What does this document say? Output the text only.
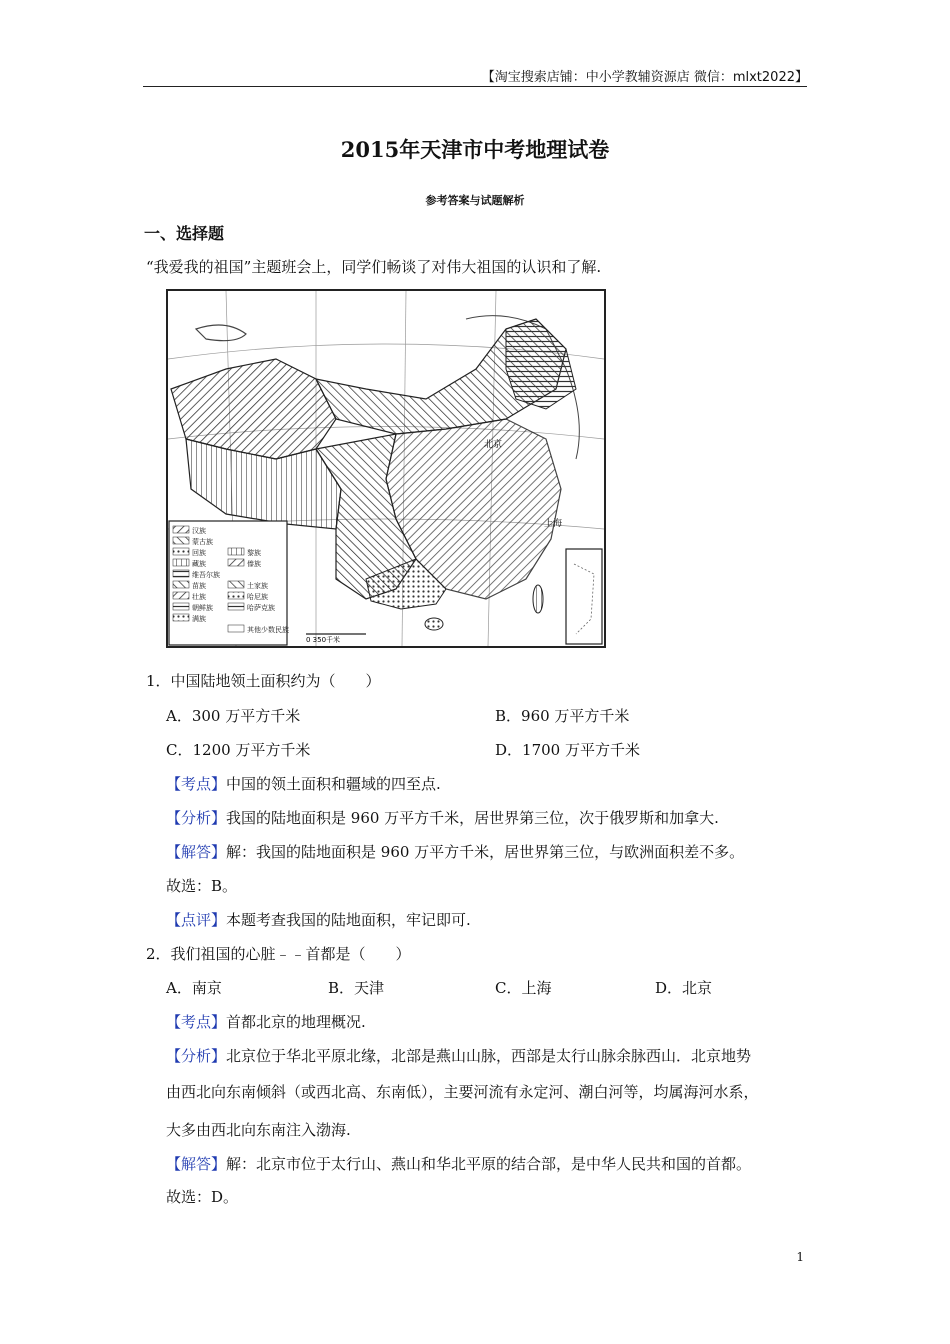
【淘宝搜索店铺：中小学教辅资源店 微信：mlxt2022】
2015年天津市中考地理试卷
参考答案与试题解析
一、选择题
“我爱我的祖国”主题班会上，同学们畅谈了对伟大祖国的认识和了解.
北京
上海
汉族
蒙古族
回族
藏族
维吾尔族
苗族
壮族
朝鲜族
满族
黎族
傣族
土家族
哈尼族
哈萨克族
其他少数民族
0 350千米
1．中国陆地领土面积约为（　　）
A．300 万平方千米	B．960 万平方千米
C．1200 万平方千米	D．1700 万平方千米
【考点】中国的领土面积和疆域的四至点.
【分析】我国的陆地面积是 960 万平方千米，居世界第三位，次于俄罗斯和加拿大.
【解答】解：我国的陆地面积是 960 万平方千米，居世界第三位，与欧洲面积差不多。
故选：B。
【点评】本题考查我国的陆地面积，牢记即可.
2．我们祖国的心脏﹣﹣首都是（　　）
A．南京	B．天津	C．上海	D．北京
【考点】首都北京的地理概况.
【分析】北京位于华北平原北缘，北部是燕山山脉，西部是太行山脉余脉西山．北京地势
由西北向东南倾斜（或西北高、东南低），主要河流有永定河、潮白河等，均属海河水系，
大多由西北向东南注入渤海.
【解答】解：北京市位于太行山、燕山和华北平原的结合部，是中华人民共和国的首都。
故选：D。
1
